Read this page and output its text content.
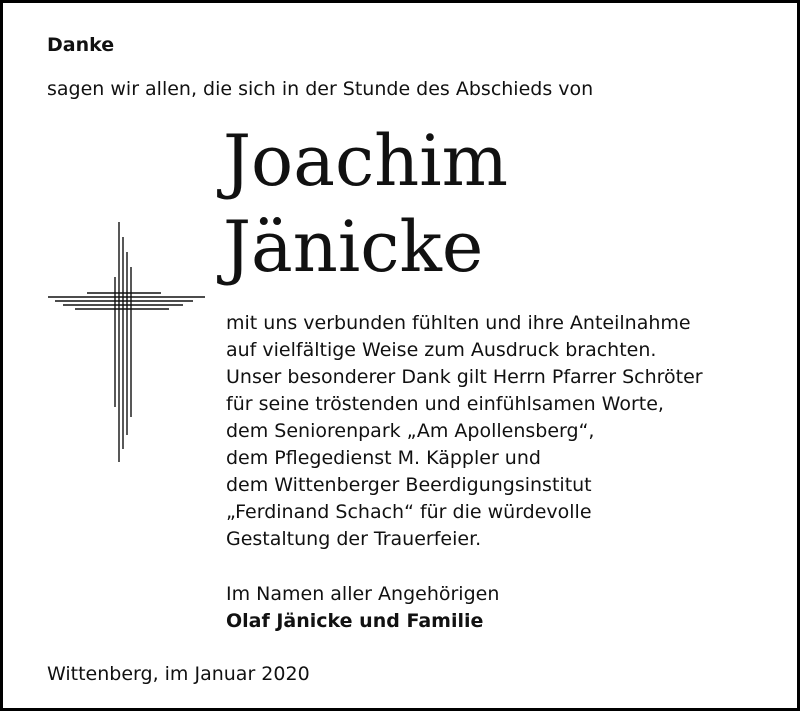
Danke
sagen wir allen, die sich in der Stunde des Abschieds von
Joachim
Jänicke
mit uns verbunden fühlten und ihre Anteilnahme
auf vielfältige Weise zum Ausdruck brachten.
Unser besonderer Dank gilt Herrn Pfarrer Schröter
für seine tröstenden und einfühlsamen Worte,
dem Seniorenpark „Am Apollensberg“,
dem Pflegedienst M. Käppler und
dem Wittenberger Beerdigungsinstitut
„Ferdinand Schach“ für die würdevolle
Gestaltung der Trauerfeier.
Im Namen aller Angehörigen
Olaf Jänicke und Familie
Wittenberg, im Januar 2020
